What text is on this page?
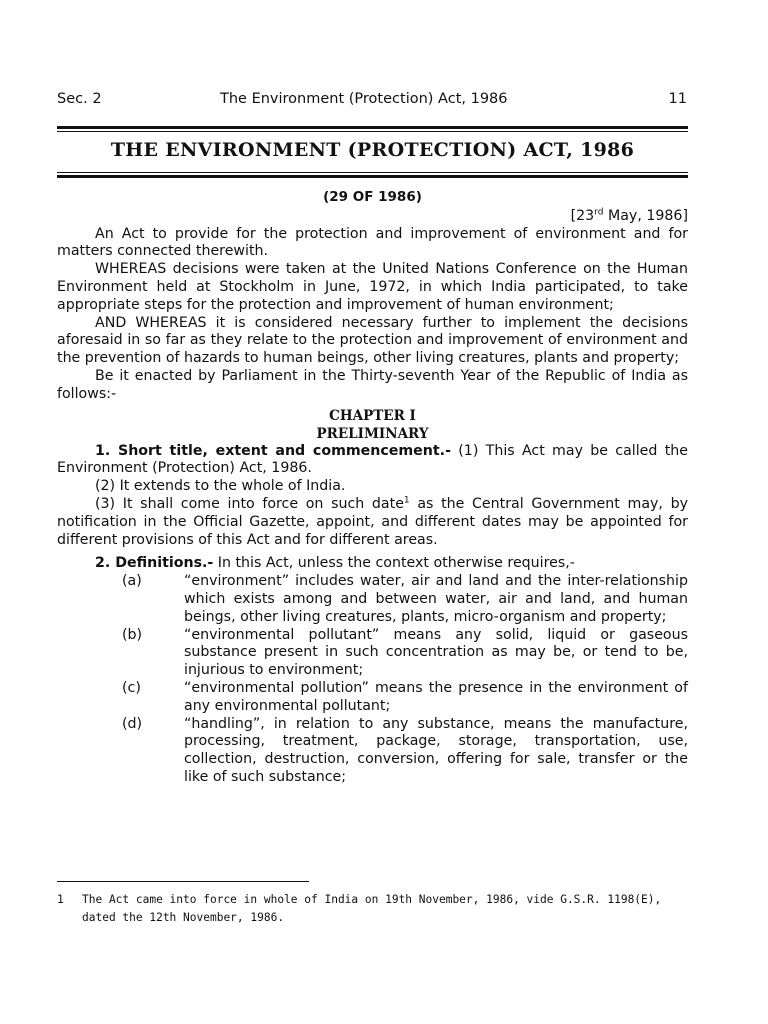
Sec. 2	The Environment (Protection) Act, 1986	11
THE ENVIRONMENT (PROTECTION) ACT, 1986

(29 OF 1986)

[23rd May, 1986]

An Act to provide for the protection and improvement of environment and for matters connected therewith.

WHEREAS decisions were taken at the United Nations Conference on the Human Environment held at Stockholm in June, 1972, in which India participated, to take appropriate steps for the protection and improvement of human environment;

AND WHEREAS it is considered necessary further to implement the decisions aforesaid in so far as they relate to the protection and improvement of environment and the prevention of hazards to human beings, other living creatures, plants and property;

Be it enacted by Parliament in the Thirty-seventh Year of the Republic of India as follows:-

CHAPTER I

PRELIMINARY

1. Short title, extent and commencement.- (1) This Act may be called the Environment (Protection) Act, 1986.

(2) It extends to the whole of India.

(3) It shall come into force on such date$^1$ as the Central Government may, by notification in the Official Gazette, appoint, and different dates may be appointed for different provisions of this Act and for different areas.

2. Definitions.- In this Act, unless the context otherwise requires,-

(a)	“environment” includes water, air and land and the inter-relationship which exists among and between water, air and land, and human beings, other living creatures, plants, micro-organism and property;
(b)	“environmental pollutant” means any solid, liquid or gaseous substance present in such concentration as may be, or tend to be, injurious to environment;
(c)	“environmental pollution” means the presence in the environment of any environmental pollutant;
(d)	“handling”, in relation to any substance, means the manufacture, processing, treatment, package, storage, transportation, use, collection, destruction, conversion, offering for sale, transfer or the like of such substance;
1 The Act came into force in whole of India on 19th November, 1986, vide G.S.R. 1198(E), dated the 12th November, 1986.
